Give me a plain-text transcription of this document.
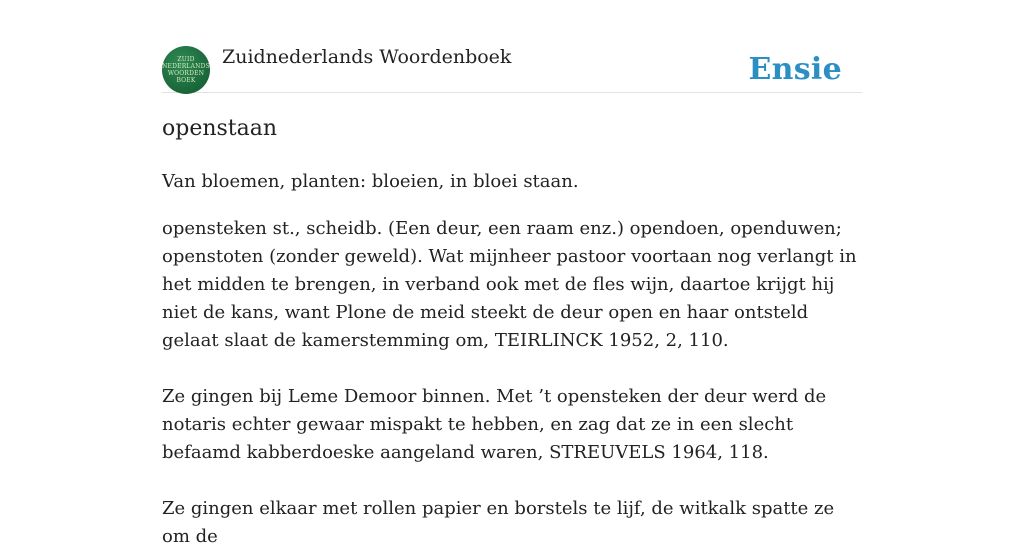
ZUID
NEDERLANDS
WOORDEN
BOEK
Zuidnederlands Woordenboek	Ensie
openstaan

Van bloemen, planten: bloeien, in bloei staan.

opensteken st., scheidb. (Een deur, een raam enz.) opendoen, openduwen; openstoten (zonder geweld). Wat mijnheer pastoor voortaan nog verlangt in het midden te brengen, in verband ook met de fles wijn, daartoe krijgt hij niet de kans, want Plone de meid steekt de deur open en haar ontsteld gelaat slaat de kamerstemming om, TEIRLINCK 1952, 2, 110.

Ze gingen bij Leme Demoor binnen. Met ’t opensteken der deur werd de notaris echter gewaar mispakt te hebben, en zag dat ze in een slecht befaamd kabberdoeske aangeland waren, STREUVELS 1964, 118.

Ze gingen elkaar met rollen papier en borstels te lijf, de witkalk spatte ze om de
